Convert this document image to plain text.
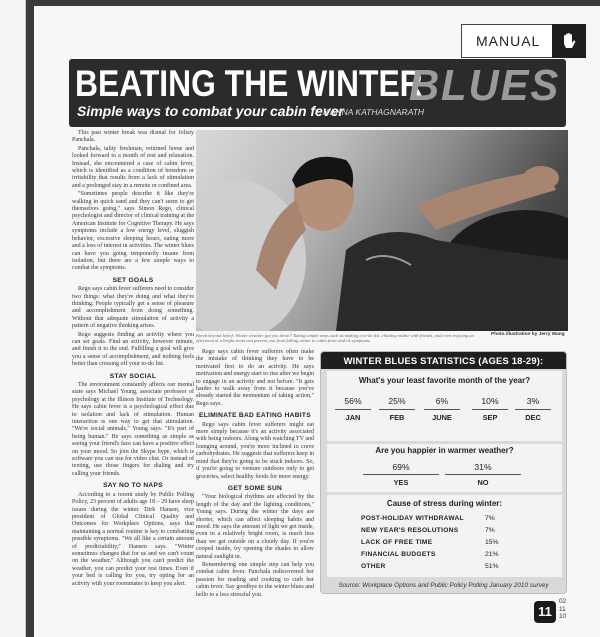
MANUAL
BEATING THE WINTER
BLUES
Simple ways to combat your cabin fever
// ANNA KATHAGNARATH

This past winter break was dismal for Jolisty Panchala.

Panchala, tality freshman, returned home and looked forward to a month of rest and relaxation. Instead, she encountered a case of cabin fever, which is identified as a condition of boredom or irritability that results from a lack of stimulation and a prolonged stay in a remote or confined area.

"Sometimes people describe it like they're walking in quick sand and they can't seem to get themselves going," says Simon Rego, clinical psychologist and director of clinical training at the American Institute for Cognitive Therapy. He says symptoms include a low energy level, sluggish behavior, excessive sleeping hours, eating more and a loss of interest in activities. The winter blues can have you going temporarily insane from isolation, but there are a few simple ways to combat the symptoms.

SET GOALS

Rego says cabin fever sufferers need to consider two things: what they're doing and what they're thinking. People typically get a sense of pleasure and accomplishment from doing something. Without that adequate stimulation of activity a pattern of negative thinking arises.

Rego suggests finding an activity where you can set goals. Find an activity, however minute, and finish it to the end. Fulfilling a goal will give you a sense of accomplishment, and nothing feels better than crossing off your to-do list.

STAY SOCIAL

The environment constantly affects our mental state says Michael Young, associate professor of psychology at the Illinois Institute of Technology. He says cabin fever is a psychological effect due to isolation and lack of stimulation. Human interaction is one way to get that stimulation. "We're social animals," Young says. "It's part of being human." He says something as simple as seeing your friend's face can have a positive effect on your mood. So join the Skype hype, which is software you can use for video chat. Or instead of texting, use those fingers for dialing and try calling your friends.

SAY NO TO NAPS

According to a recent study by Public Polling Policy, 23 percent of adults age 18 – 29 have sleep issues during the winter. Dirk Hansen, vice president of Global Clinical Quality and Outcomes for Workplace Options, says that maintaining a normal routine is key to combatting possible symptoms. "We all like a certain amount of predictability," Hansen says. "Winter sometimes changes that for us and we can't count on the weather." Although you can't predict the weather, you can predict your rest times. Even if your bed is calling for you, try opting for an activity with your roommates to keep you alert.

Bored beyond belief: Winter weather got you down? Taking simple steps such as making a to-do list, chatting online with friends, and even enjoying an afternoon at a bright room can prevent you from falling victim to cabin fever and its symptoms.
Photo illustration by Jerry Wang

Rego says cabin fever sufferers often make the mistake of thinking they have to be motivated first to do an activity. He says motivation and energy start to rise after we begin to engage in an activity and not before. "It gets harder to walk away from it because you've already started the momentum of taking action," Rego says.

ELIMINATE BAD EATING HABITS

Rego says cabin fever sufferers might eat more simply because it's an activity associated with being indoors. Along with watching TV and lounging around, you're more inclined to crave carbohydrates. He suggests that sufferers keep in mind that they're going to be stuck indoors. So, if you're going to venture outdoors only to get groceries, select healthy foods for more energy.

GET SOME SUN

"Your biological rhythms are affected by the length of the day and the lighting conditions," Young says. During the winter the days are shorter, which can affect sleeping habits and mood. He says the amount of light we get inside, even in a relatively bright room, is much less than we get outside on a cloudy day. If you're cooped inside, try opening the shades to allow natural sunlight in.

Remembering one simple step can help you combat cabin fever. Panchala rediscovered her passion for reading and cooking to curb her cabin fever. Say goodbye to the winter blues and hello to a less stressful you.

WINTER BLUES STATISTICS (AGES 18-29):
What's your least favorite month of the year?
56%	25%	6%	10%	3%
JAN	FEB	JUNE	SEP	DEC
Are you happier in warmer weather?
69%	31%
YES	NO
Cause of stress during winter:
POST-HOLIDAY WITHDRAWAL	7%
NEW YEAR'S RESOLUTIONS	7%
LACK OF FREE TIME	15%
FINANCIAL BUDGETS	21%
OTHER	51%
Source: Workplace Options and Public Policy Polling January 2010 survey
11
02
11
10
